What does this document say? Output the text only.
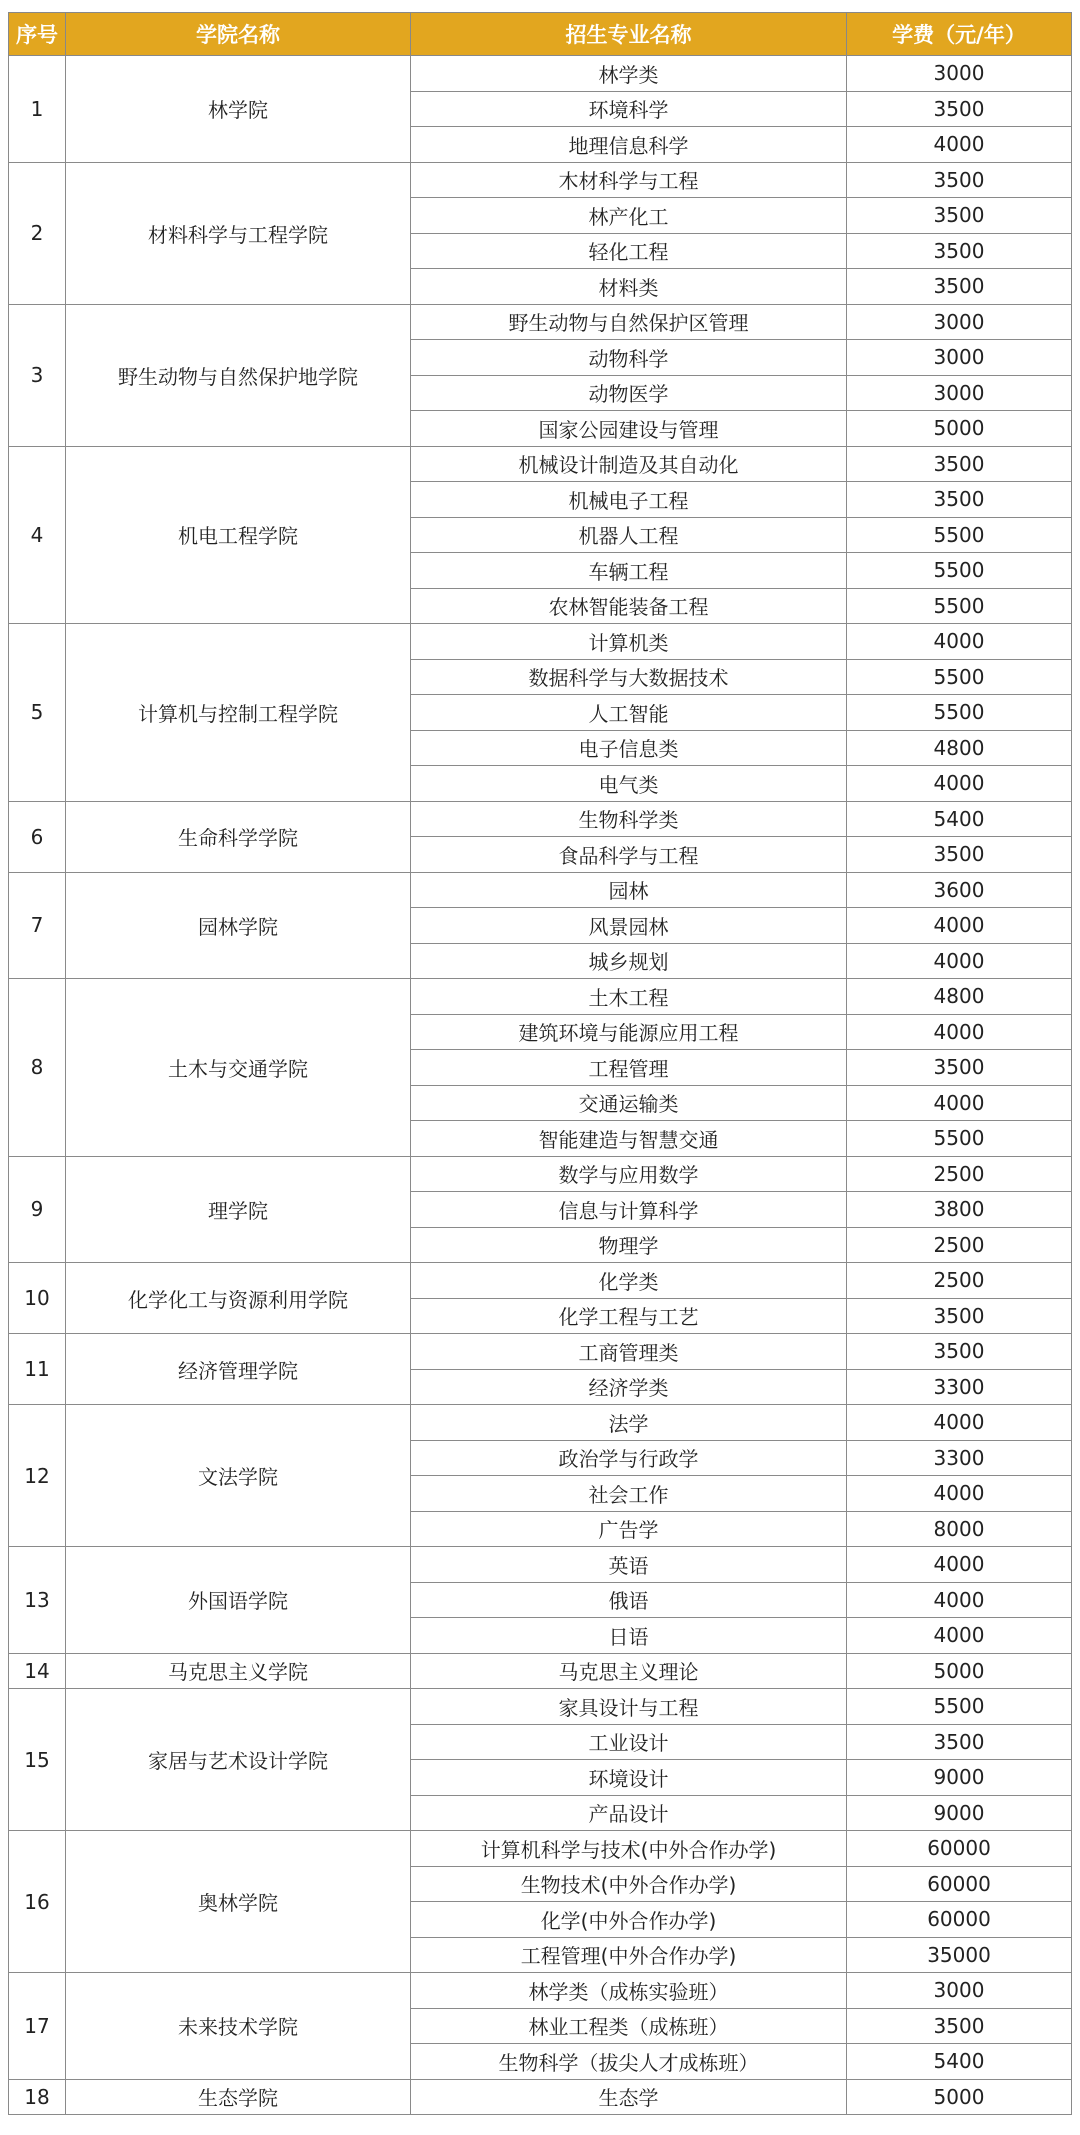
序号	学院名称	招生专业名称	学费（元/年）
1	林学院	林学类	3000
		环境科学	3500
		地理信息科学	4000
2	材料科学与工程学院	木材科学与工程	3500
		林产化工	3500
		轻化工程	3500
		材料类	3500
3	野生动物与自然保护地学院	野生动物与自然保护区管理	3000
		动物科学	3000
		动物医学	3000
		国家公园建设与管理	5000
4	机电工程学院	机械设计制造及其自动化	3500
		机械电子工程	3500
		机器人工程	5500
		车辆工程	5500
		农林智能装备工程	5500
5	计算机与控制工程学院	计算机类	4000
		数据科学与大数据技术	5500
		人工智能	5500
		电子信息类	4800
		电气类	4000
6	生命科学学院	生物科学类	5400
		食品科学与工程	3500
7	园林学院	园林	3600
		风景园林	4000
		城乡规划	4000
8	土木与交通学院	土木工程	4800
		建筑环境与能源应用工程	4000
		工程管理	3500
		交通运输类	4000
		智能建造与智慧交通	5500
9	理学院	数学与应用数学	2500
		信息与计算科学	3800
		物理学	2500
10	化学化工与资源利用学院	化学类	2500
		化学工程与工艺	3500
11	经济管理学院	工商管理类	3500
		经济学类	3300
12	文法学院	法学	4000
		政治学与行政学	3300
		社会工作	4000
		广告学	8000
13	外国语学院	英语	4000
		俄语	4000
		日语	4000
14	马克思主义学院	马克思主义理论	5000
15	家居与艺术设计学院	家具设计与工程	5500
		工业设计	3500
		环境设计	9000
		产品设计	9000
16	奥林学院	计算机科学与技术(中外合作办学)	60000
		生物技术(中外合作办学)	60000
		化学(中外合作办学)	60000
		工程管理(中外合作办学)	35000
17	未来技术学院	林学类（成栋实验班）	3000
		林业工程类（成栋班）	3500
		生物科学（拔尖人才成栋班）	5400
18	生态学院	生态学	5000
